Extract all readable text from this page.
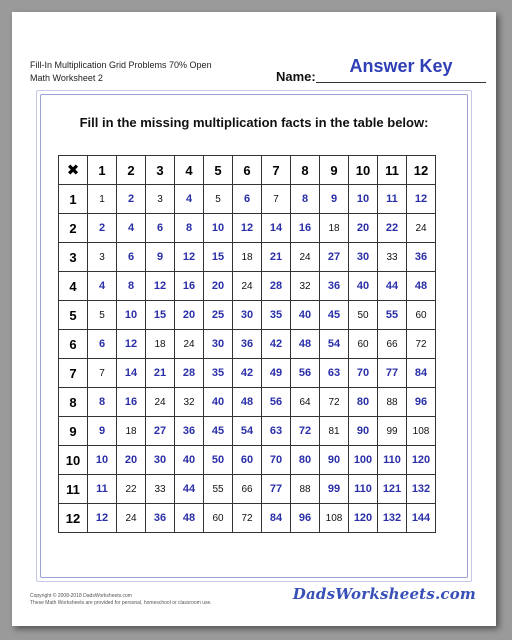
Fill-In Multiplication Grid Problems 70% Open
Math Worksheet 2	Name:
Answer Key
Fill in the missing multiplication facts in the table below:
✖	1	2	3	4	5	6	7	8	9	10	11	12
1	1	2	3	4	5	6	7	8	9	10	11	12
2	2	4	6	8	10	12	14	16	18	20	22	24
3	3	6	9	12	15	18	21	24	27	30	33	36
4	4	8	12	16	20	24	28	32	36	40	44	48
5	5	10	15	20	25	30	35	40	45	50	55	60
6	6	12	18	24	30	36	42	48	54	60	66	72
7	7	14	21	28	35	42	49	56	63	70	77	84
8	8	16	24	32	40	48	56	64	72	80	88	96
9	9	18	27	36	45	54	63	72	81	90	99	108
10	10	20	30	40	50	60	70	80	90	100	110	120
11	11	22	33	44	55	66	77	88	99	110	121	132
12	12	24	36	48	60	72	84	96	108	120	132	144
Copyright © 2008-2018 DadsWorksheets.com
These Math Worksheets are provided for personal, homeschool or classroom use.	DadsWorksheets.com
